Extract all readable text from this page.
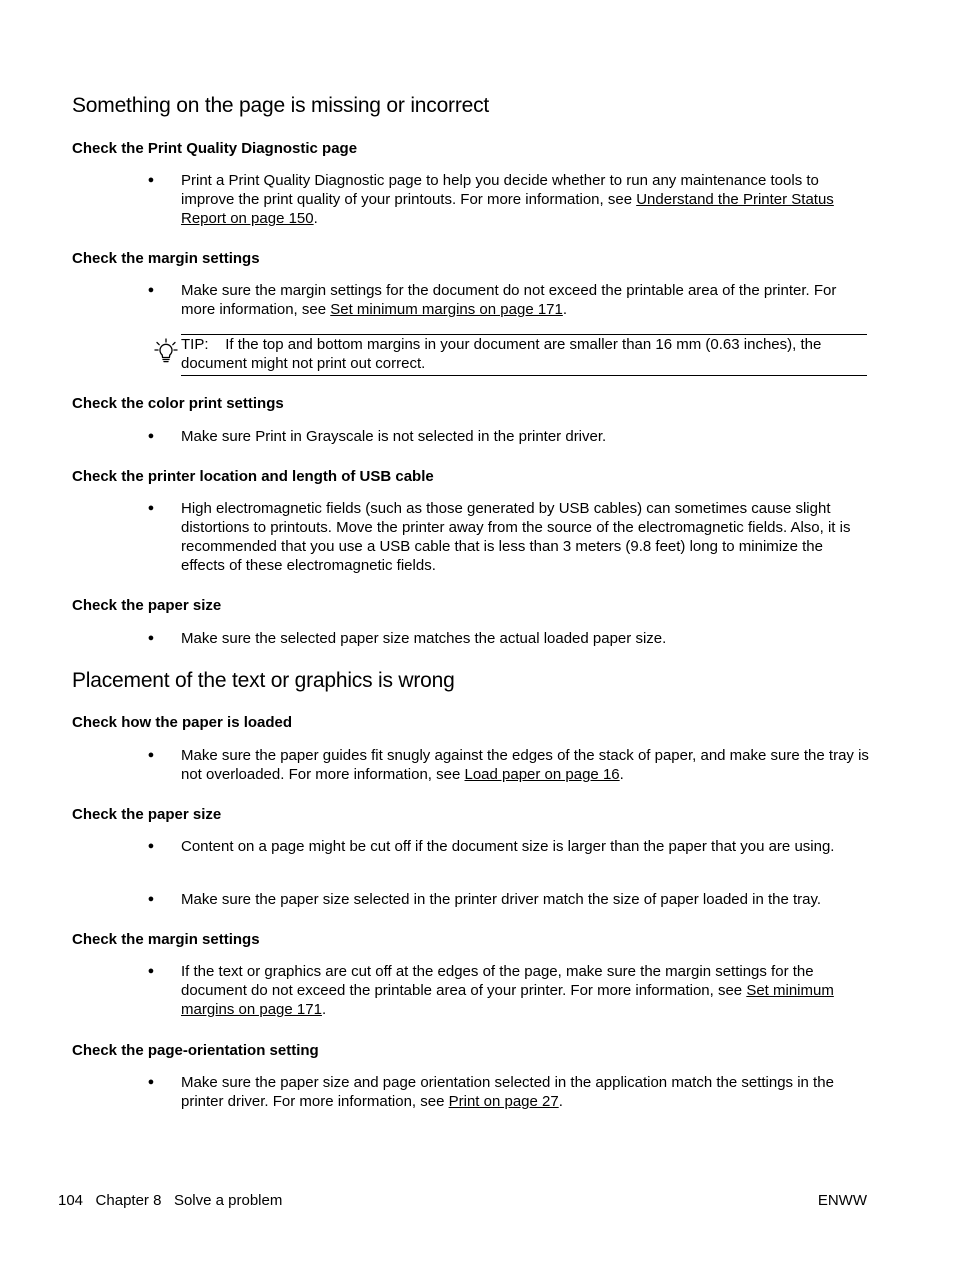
Something on the page is missing or incorrect
Check the Print Quality Diagnostic page
●

Print a Print Quality Diagnostic page to help you decide whether to run any maintenance tools to improve the print quality of your printouts. For more information, see Understand the Printer Status Report on page 150.

Check the margin settings
●

Make sure the margin settings for the document do not exceed the printable area of the printer. For more information, see Set minimum margins on page 171.

TIP: If the top and bottom margins in your document are smaller than 16 mm (0.63 inches), the document might not print out correct.

Check the color print settings
●

Make sure Print in Grayscale is not selected in the printer driver.

Check the printer location and length of USB cable
●

High electromagnetic fields (such as those generated by USB cables) can sometimes cause slight distortions to printouts. Move the printer away from the source of the electromagnetic fields. Also, it is recommended that you use a USB cable that is less than 3 meters (9.8 feet) long to minimize the effects of these electromagnetic fields.

Check the paper size
●

Make sure the selected paper size matches the actual loaded paper size.

Placement of the text or graphics is wrong
Check how the paper is loaded
●

Make sure the paper guides fit snugly against the edges of the stack of paper, and make sure the tray is not overloaded. For more information, see Load paper on page 16.

Check the paper size
●

Content on a page might be cut off if the document size is larger than the paper that you are using.

●

Make sure the paper size selected in the printer driver match the size of paper loaded in the tray.

Check the margin settings
●

If the text or graphics are cut off at the edges of the page, make sure the margin settings for the document do not exceed the printable area of your printer. For more information, see Set minimum margins on page 171.

Check the page-orientation setting
●

Make sure the paper size and page orientation selected in the application match the settings in the printer driver. For more information, see Print on page 27.

104 Chapter 8 Solve a problem	ENWW
